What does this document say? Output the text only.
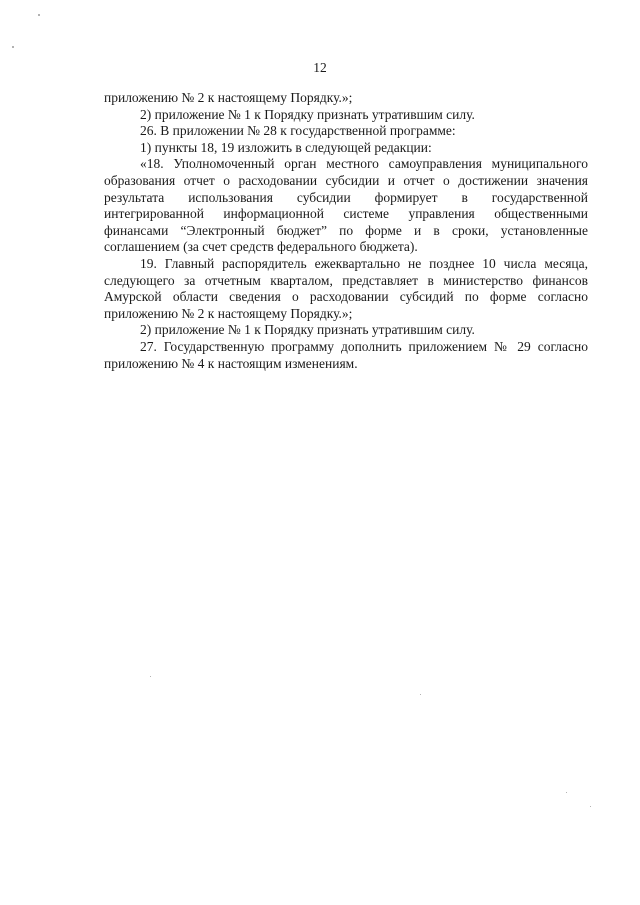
12

приложению № 2 к настоящему Порядку.»;

2) приложение № 1 к Порядку признать утратившим силу.

26. В приложении № 28 к государственной программе:

1) пункты 18, 19 изложить в следующей редакции:

«18. Уполномоченный орган местного самоуправления муниципального образования отчет о расходовании субсидии и отчет о достижении значения результата использования субсидии формирует в государственной интегрированной информационной системе управления общественными финансами “Электронный бюджет” по форме и в сроки, установленные соглашением (за счет средств федерального бюджета).

19. Главный распорядитель ежеквартально не позднее 10 числа месяца, следующего за отчетным кварталом, представляет в министерство финансов Амурской области сведения о расходовании субсидий по форме согласно приложению № 2 к настоящему Порядку.»;

2) приложение № 1 к Порядку признать утратившим силу.

27. Государственную программу дополнить приложением № 29 согласно приложению № 4 к настоящим изменениям.
